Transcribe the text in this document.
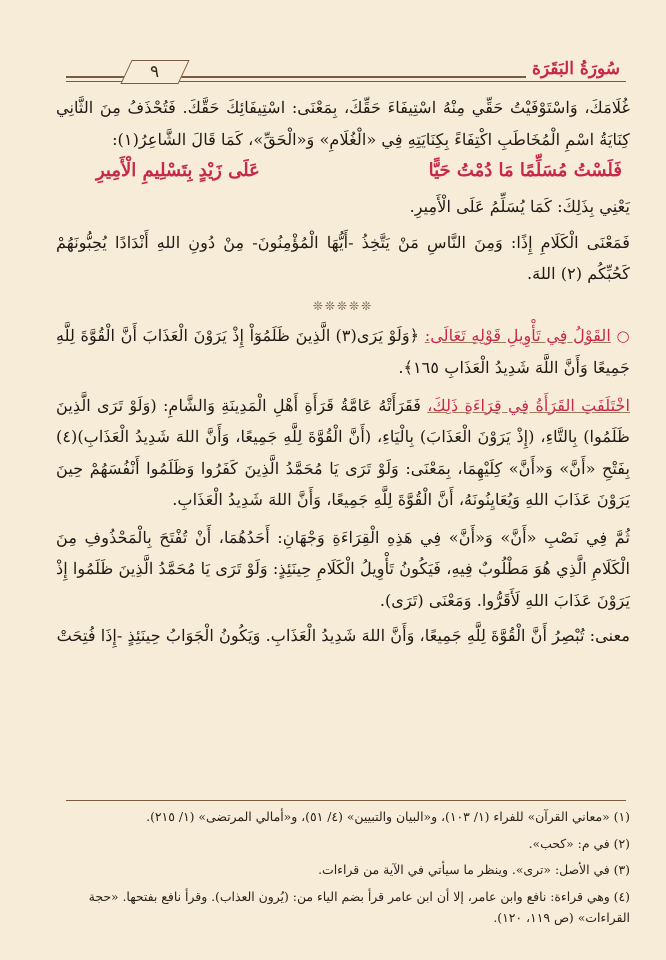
٩	سُورَةُ البَقَرَة

غُلَامَكَ، وَاسْتَوْفَيْتُ حَقِّي مِنْهُ اسْتِيفَاءَ حَقِّكَ، بِمَعْنَى: اسْتِيفَائِكَ حَقَّكَ. فَتُحْذَفُ مِنَ الثَّانِي كِنَايَةُ اسْمِ الْمُخَاطَبِ اكْتِفَاءً بِكِنَايَتِهِ فِي «الْغُلَامِ» وَ«الْحَقِّ»، كَمَا قَالَ الشَّاعِرُ(١):

فَلَسْتُ مُسَلِّمًا مَا دُمْتُ حَيًّا
عَلَى زَيْدٍ بِتَسْلِيمِ الْأَمِيرِ

يَعْنِي بِذَلِكَ: كَمَا يُسَلِّمُ عَلَى الْأَمِيرِ.

فَمَعْنَى الْكَلَامِ إِذًا: وَمِنَ النَّاسِ مَنْ يَتَّخِذُ -أَيُّهَا الْمُؤْمِنُونَ- مِنْ دُونِ اللهِ أَنْدَادًا يُحِبُّونَهُمْ كَحُبِّكُم (٢) اللهَ.

❊❊❊❊❊

○ القَوْلُ فِي تَأْوِيلِ قَوْلِهِ تَعَالَى: ﴿وَلَوْ يَرَى(٣) الَّذِينَ ظَلَمُوٓاْ إِذْ يَرَوْنَ الْعَذَابَ أَنَّ الْقُوَّةَ لِلَّهِ جَمِيعًا وَأَنَّ اللَّهَ شَدِيدُ الْعَذَابِ ١٦٥﴾.

اخْتَلَفَتِ القَرَأَةُ فِي قِرَاءَةِ ذَلِكَ، فَقَرَأَتْهُ عَامَّةُ قَرَأَةِ أَهْلِ الْمَدِينَةِ وَالشَّامِ: (وَلَوْ تَرَى الَّذِينَ ظَلَمُوا) بِالتَّاءِ، (إِذْ يَرَوْنَ الْعَذَابَ) بِالْيَاءِ، (أَنَّ الْقُوَّةَ لِلَّهِ جَمِيعًا، وَأَنَّ اللهَ شَدِيدُ الْعَذَابِ)(٤) بِفَتْحِ «أَنَّ» وَ«أَنَّ» كِلَيْهِمَا، بِمَعْنَى: وَلَوْ تَرَى يَا مُحَمَّدُ الَّذِينَ كَفَرُوا وَظَلَمُوا أَنْفُسَهُمْ حِينَ يَرَوْنَ عَذَابَ اللهِ وَيُعَايِنُونَهُ، أَنَّ الْقُوَّةَ لِلَّهِ جَمِيعًا، وَأَنَّ اللهَ شَدِيدُ الْعَذَابِ.

ثُمَّ فِي نَصْبِ «أَنَّ» وَ«أَنَّ» فِي هَذِهِ الْقِرَاءَةِ وَجْهَانِ: أَحَدُهُمَا، أَنْ تُفْتَحَ بِالْمَحْذُوفِ مِنَ الْكَلَامِ الَّذِي هُوَ مَطْلُوبٌ فِيهِ، فَيَكُونُ تَأْوِيلُ الْكَلَامِ حِينَئِذٍ: وَلَوْ تَرَى يَا مُحَمَّدُ الَّذِينَ ظَلَمُوا إِذْ يَرَوْنَ عَذَابَ اللهِ لَأَقَرُّوا. وَمَعْنَى (تَرَى).

معنى: تُبْصِرُ أَنَّ الْقُوَّةَ لِلَّهِ جَمِيعًا، وَأَنَّ اللهَ شَدِيدُ الْعَذَابِ. وَيَكُونُ الْجَوَابُ حِينَئِذٍ -إِذَا فُتِحَتْ

(١) «معاني القرآن» للفراء (١/ ١٠٣)، و«البيان والتبيين» (٤/ ٥١)، و«أمالي المرتضى» (١/ ٢١٥).

(٢) في م: «كحب».

(٣) في الأصل: «ترى». وينظر ما سيأتي في الآية من قراءات.

(٤) وهي قراءة: نافع وابن عامر، إلا أن ابن عامر قرأ بضم الياء من: (يُرون العذاب). وقرأ نافع بفتحها. «حجة القراءات» (ص ١١٩، ١٢٠).
